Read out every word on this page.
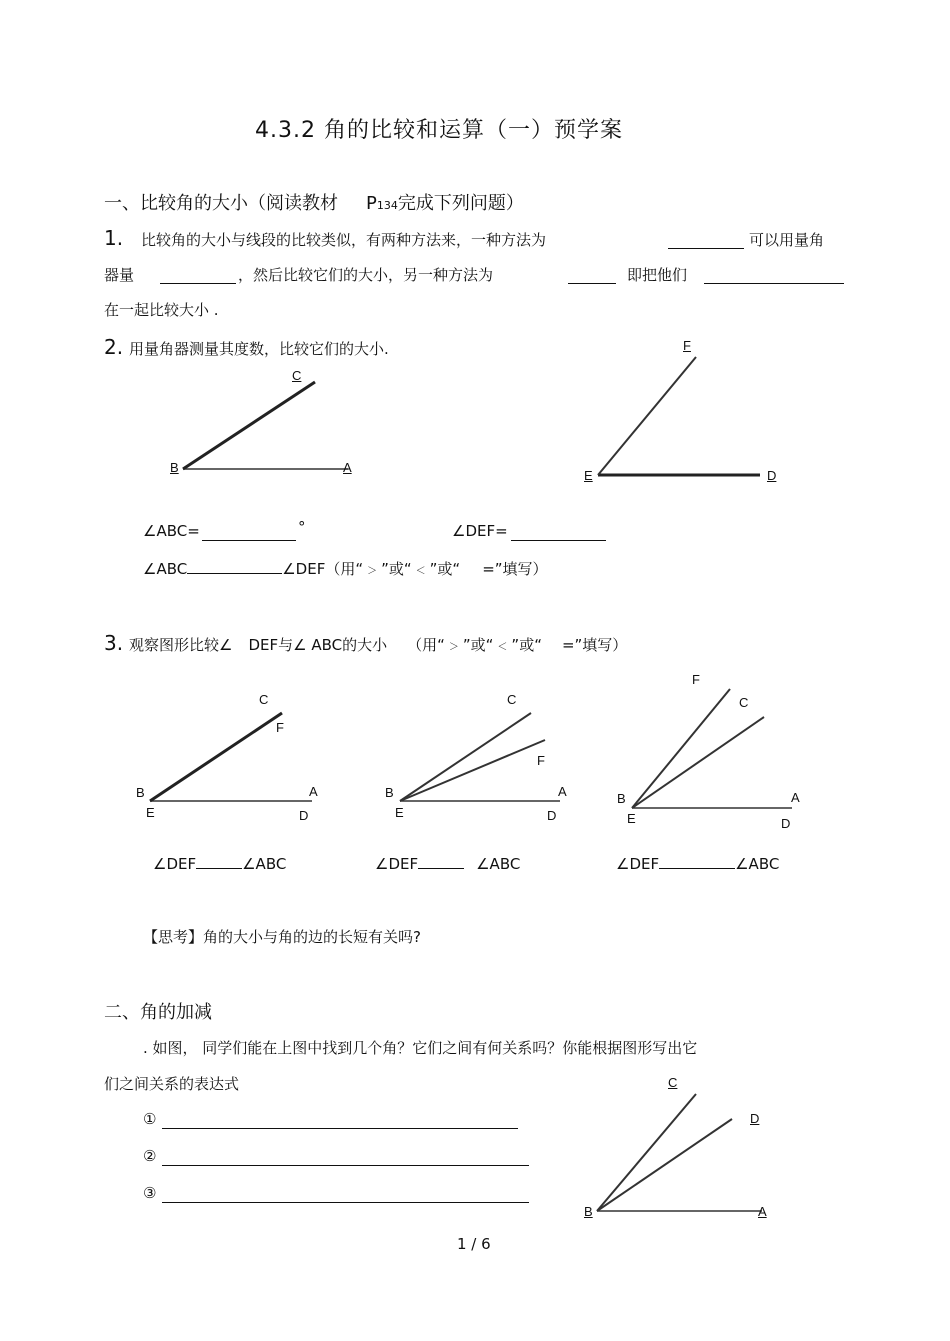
4.3.2 角的比较和运算（一）预学案
一、比较角的大小（阅读教材 P134完成下列问题）
1. 比较角的大小与线段的比较类似，有两种方法来，一种方法为	可以用量角
器量	，然后比较它们的大小，另一种方法为	即把他们
在一起比较大小 .
2. 用量角器测量其度数，比较它们的大小.
C
B	A
F
E	D
∠ABC=	°	∠DEF=
∠ABC	∠DEF（用“ ＞ ”或“ ＜ ”或“ =”填写）
3. 观察图形比较∠ DEF与∠ ABC的大小 （用“ ＞ ”或“ ＜ ”或“ =”填写）
C
F
B	A
E	D
C
F
B	A
E	D
F
C
B	A
E	D
∠DEF	∠ABC	∠DEF	∠ABC	∠DEF	∠ABC
【思考】角的大小与角的边的长短有关吗?
二、角的加减
. 如图， 同学们能在上图中找到几个角？它们之间有何关系吗？你能根据图形写出它
们之间关系的表达式
①
②
③
C
D
B	A
1 / 6
